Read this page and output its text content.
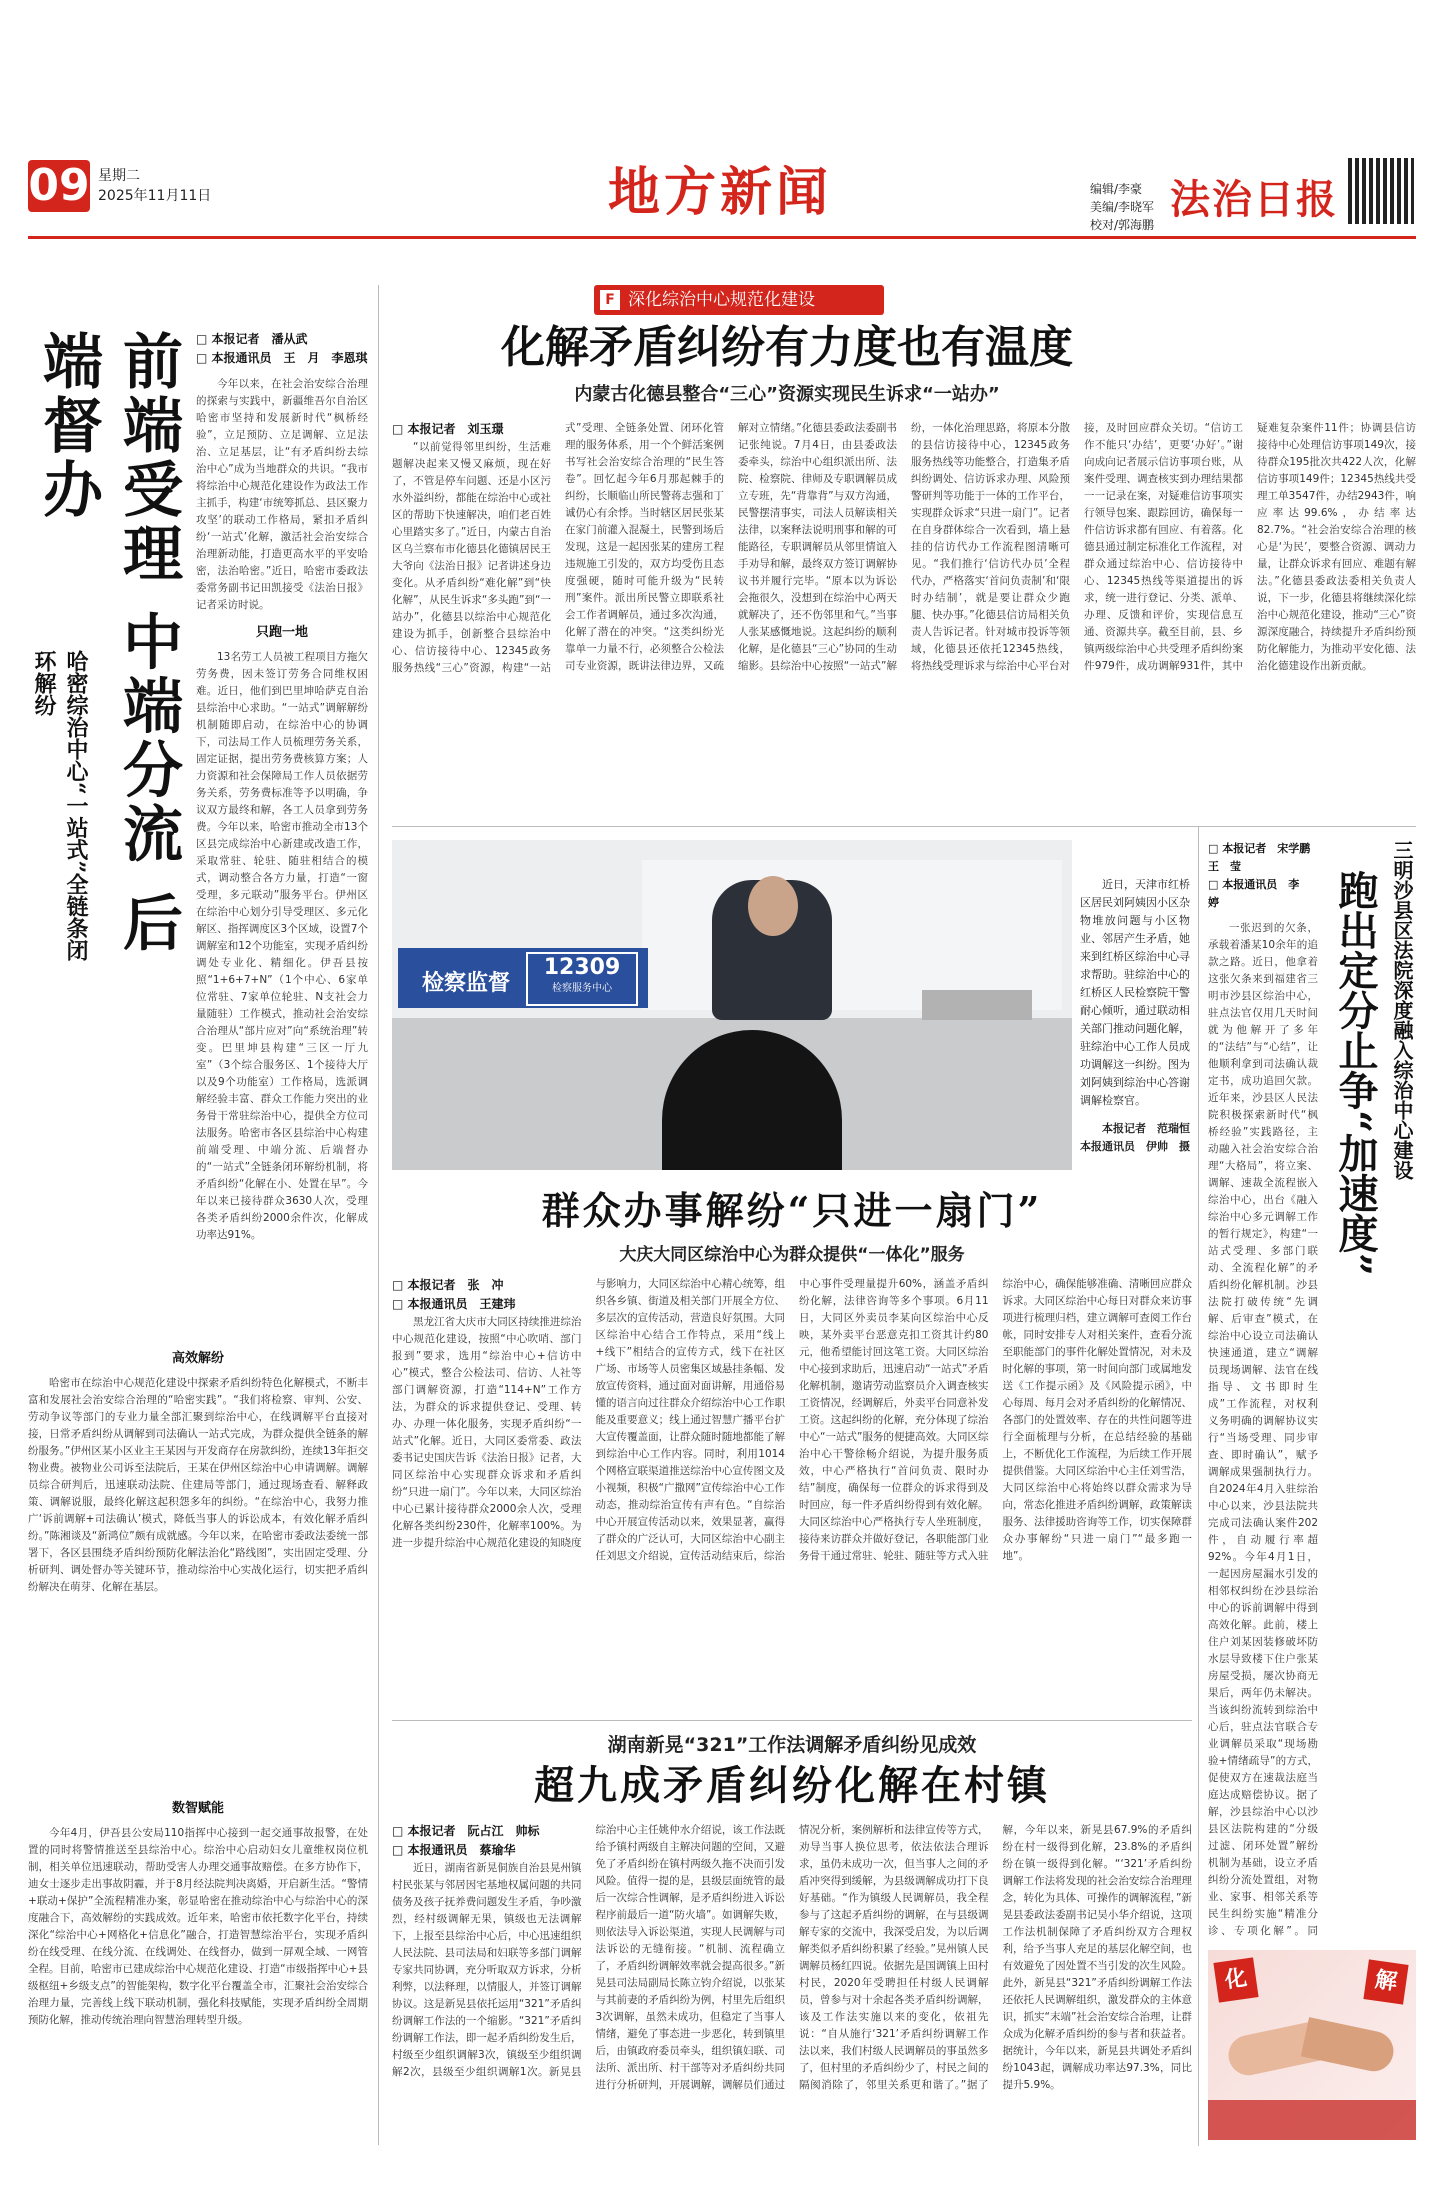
09 星期二
2025年11月11日	地方新闻	编辑/李豪
美编/李晓军
校对/郭海鹏
法治日报
F 深化综治中心规范化建设
前端受理 中端分流 后端督办
哈密综治中心“一站式”全链条闭环解纷
□ 本报记者　潘从武
□ 本报通讯员　王　月　李恩琪

今年以来，在社会治安综合治理的探索与实践中，新疆维吾尔自治区哈密市坚持和发展新时代“枫桥经验”，立足预防、立足调解、立足法治、立足基层，让“有矛盾纠纷去综治中心”成为当地群众的共识。“我市将综治中心规范化建设作为政法工作主抓手，构建‘市统筹抓总、县区聚力攻坚’的联动工作格局，紧扣矛盾纠纷‘一站式’化解，激活社会治安综合治理新动能，打造更高水平的平安哈密，法治哈密。”近日，哈密市委政法委常务副书记田凯接受《法治日报》记者采访时说。

只跑一地

13名劳工人员被工程项目方拖欠劳务费，因未签订劳务合同维权困难。近日，他们到巴里坤哈萨克自治县综治中心求助。“一站式”调解解纷机制随即启动，在综治中心的协调下，司法局工作人员梳理劳务关系，固定证据，提出劳务费核算方案；人力资源和社会保障局工作人员依据劳务关系，劳务费标准等予以明确，争议双方最终和解，各工人员拿到劳务费。今年以来，哈密市推动全市13个区县完成综治中心新建或改造工作，采取常驻、轮驻、随驻相结合的模式，调动整合各方力量，打造“一窗受理，多元联动”服务平台。伊州区在综治中心划分引导受理区、多元化解区、指挥调度区3个区域，设置7个调解室和12个功能室，实现矛盾纠纷调处专业化、精细化。伊吾县按照“1+6+7+N”（1个中心、6家单位常驻、7家单位轮驻、N支社会力量随驻）工作模式，推动社会治安综合治理从“部片应对”向“系统治理”转变。巴里坤县构建“三区一厅九室”（3个综合服务区、1个接待大厅以及9个功能室）工作格局，选派调解经验丰富、群众工作能力突出的业务骨干常驻综治中心，提供全方位司法服务。哈密市各区县综治中心构建前端受理、中端分流、后端督办的“一站式”全链条闭环解纷机制，将矛盾纠纷“化解在小、处置在早”。今年以来已接待群众3630人次，受理各类矛盾纠纷2000余件次，化解成功率达91%。

高效解纷

哈密市在综治中心规范化建设中探索矛盾纠纷特色化解模式，不断丰富和发展社会治安综合治理的“哈密实践”。“我们将检察、审判、公安、劳动争议等部门的专业力量全部汇聚到综治中心，在线调解平台直接对接，日常矛盾纠纷从调解到司法确认一站式完成，为群众提供全链条的解纷服务。”伊州区某小区业主王某因与开发商存在房款纠纷，连续13年拒交物业费。被物业公司诉至法院后，王某在伊州区综治中心申请调解。调解员综合研判后，迅速联动法院、住建局等部门，通过现场查看、解释政策、调解说服，最终化解这起积怨多年的纠纷。“在综治中心，我努力推广‘诉前调解+司法确认’模式，降低当事人的诉讼成本，有效化解矛盾纠纷。”陈湘谈及“新鸿位”颇有成就感。今年以来，在哈密市委政法委统一部署下，各区县围绕矛盾纠纷预防化解法治化“路线图”，实出固定受理、分析研判、调处督办等关键环节，推动综治中心实战化运行，切实把矛盾纠纷解决在萌芽、化解在基层。

数智赋能

今年4月，伊吾县公安局110指挥中心接到一起交通事故报警，在处置的同时将警情推送至县综治中心。综治中心启动妇女儿童维权岗位机制，相关单位迅速联动，帮助受害人办理交通事故赔偿。在多方协作下，迪女士逐步走出事故阴霾，并于8月经法院判决离婚，开启新生活。“警情+联动+保护”全流程精准办案，彰显哈密在推动综治中心与综治中心的深度融合下，高效解纷的实践成效。近年来，哈密市依托数字化平台，持续深化“综治中心+网格化+信息化”融合，打造智慧综治平台，实现矛盾纠纷在线受理、在线分流、在线调处、在线督办，做到一屏观全域、一网管全程。目前，哈密市已建成综治中心规范化建设、打造“市级指挥中心+县级枢纽+乡级支点”的智能架构，数字化平台覆盖全市，汇聚社会治安综合治理力量，完善线上线下联动机制，强化科技赋能，实现矛盾纠纷全周期预防化解，推动传统治理向智慧治理转型升级。

化解矛盾纠纷有力度也有温度
内蒙古化德县整合“三心”资源实现民生诉求“一站办”
□ 本报记者　刘玉璟

“以前觉得邻里纠纷，生活难题解决起来又慢又麻烦，现在好了，不管是停车问题、还是小区污水外溢纠纷，都能在综治中心或社区的帮助下快速解决，咱们老百姓心里踏实多了。”近日，内蒙古自治区乌兰察布市化德县化德镇居民王大爷向《法治日报》记者讲述身边变化。从矛盾纠纷“难化解”到“快化解”，从民生诉求“多头跑”到“一站办”，化德县以综治中心规范化建设为抓手，创新整合县综治中心、信访接待中心、12345政务服务热线“三心”资源，构建“一站式”受理、全链条处置、闭环化管理的服务体系，用一个个鲜活案例书写社会治安综合治理的“民生答卷”。回忆起今年6月那起棘手的纠纷，长顺临山所民警蒋志强和丁诚仍心有余悸。当时辖区居民张某在家门前灌入混凝土，民警到场后发现，这是一起因张某的建房工程违规施工引发的，双方均受伤且态度强硬，随时可能升级为“民转刑”案件。派出所民警立即联系社会工作者调解员，通过多次沟通，化解了潜在的冲突。“这类纠纷光靠单一力量不行，必须整合公检法司专业资源，既讲法律边界，又疏解对立情绪。”化德县委政法委副书记张纯说。7月4日，由县委政法委牵头，综治中心组织派出所、法院、检察院、律师及专职调解员成立专班，先“背靠背”与双方沟通，民警摆清事实，司法人员解读相关法律，以案释法说明刑事和解的可能路径，专职调解员从邻里情谊入手劝导和解，最终双方签订调解协议书并履行完毕。“原本以为诉讼会拖很久，没想到在综治中心两天就解决了，还不伤邻里和气。”当事人张某感慨地说。这起纠纷的顺利化解，是化德县“三心”协同的生动缩影。县综治中心按照“一站式”解纷，一体化治理思路，将原本分散的县信访接待中心，12345政务服务热线等功能整合，打造集矛盾纠纷调处、信访诉求办理、风险预警研判等功能于一体的工作平台，实现群众诉求“只进一扇门”。记者在自身群体综合一次看到，墙上悬挂的信访代办工作流程图清晰可见。“我们推行‘信访代办员’全程代办，严格落实‘首问负责制’和‘限时办结制’，就是要让群众少跑腿、快办事。”化德县信访局相关负责人告诉记者。针对城市投诉等领域，化德县还依托12345热线，将热线受理诉求与综治中心平台对接，及时回应群众关切。“信访工作不能只‘办结’，更要‘办好’。”谢向成向记者展示信访事项台账，从案件受理、调查核实到办理结果都一一记录在案，对疑难信访事项实行领导包案、跟踪回访，确保每一件信访诉求都有回应、有着落。化德县通过制定标准化工作流程，对群众通过综治中心、信访接待中心、12345热线等渠道提出的诉求，统一进行登记、分类、派单、办理、反馈和评价，实现信息互通、资源共享。截至目前，县、乡镇两级综治中心共受理矛盾纠纷案件979件，成功调解931件，其中疑难复杂案件11件；协调县信访接待中心处理信访事项149次，接待群众195批次共422人次，化解信访事项149件；12345热线共受理工单3547件，办结2943件，响应率达99.6%，办结率达82.7%。“社会治安综合治理的核心是‘为民’，要整合资源、调动力量，让群众诉求有回应、难题有解法。”化德县委政法委相关负责人说，下一步，化德县将继续深化综治中心规范化建设，推动“三心”资源深度融合，持续提升矛盾纠纷预防化解能力，为推动平安化德、法治化德建设作出新贡献。

检察监督
12309
检察服务中心
近日，天津市红桥区居民刘阿姨因小区杂物堆放问题与小区物业、邻居产生矛盾，她来到红桥区综治中心寻求帮助。驻综治中心的红桥区人民检察院干警耐心倾听，通过联动相关部门推动问题化解，驻综治中心工作人员成功调解这一纠纷。图为刘阿姨到综治中心答谢调解检察官。
本报记者　范瑞恒
本报通讯员　伊帅　摄
群众办事解纷“只进一扇门”
大庆大同区综治中心为群众提供“一体化”服务
□ 本报记者　张　冲
□ 本报通讯员　王建玮

黑龙江省大庆市大同区持续推进综治中心规范化建设，按照“中心吹哨、部门报到”要求，选用“综治中心+信访中心”模式，整合公检法司、信访、人社等部门调解资源，打造“114+N”工作方法，为群众的诉求提供登记、受理、转办、办理一体化服务，实现矛盾纠纷“一站式”化解。近日，大同区委常委、政法委书记史国庆告诉《法治日报》记者，大同区综治中心实现群众诉求和矛盾纠纷“只进一扇门”。今年以来，大同区综治中心已累计接待群众2000余人次，受理化解各类纠纷230件，化解率100%。为进一步提升综治中心规范化建设的知晓度与影响力，大同区综治中心精心统筹，组织各乡镇、街道及相关部门开展全方位、多层次的宣传活动，营造良好氛围。大同区综治中心结合工作特点，采用“线上+线下”相结合的宣传方式，线下在社区广场、市场等人员密集区域悬挂条幅、发放宣传资料，通过面对面讲解，用通俗易懂的语言向过往群众介绍综治中心工作职能及重要意义；线上通过智慧广播平台扩大宣传覆盖面，让群众随时随地都能了解到综治中心工作内容。同时，利用1014个网格宣联渠道推送综治中心宣传图文及小视频，积极“广撒网”宣传综治中心工作动态，推动综治宣传有声有色。“自综治中心开展宣传活动以来，效果显著，赢得了群众的广泛认可，大同区综治中心副主任刘思文介绍说，宣传活动结束后，综治中心事件受理量提升60%，涵盖矛盾纠纷化解，法律咨询等多个事项。6月11日，大同区外卖员李某向区综治中心反映，某外卖平台恶意克扣工资其计约80元，他希望能讨回这笔工资。大同区综治中心接到求助后，迅速启动“一站式”矛盾化解机制，邀请劳动监察员介入调查核实工资情况，经调解后，外卖平台同意补发工资。这起纠纷的化解，充分体现了综治中心“一站式”服务的便捷高效。大同区综治中心干警徐畅介绍说，为提升服务质效，中心严格执行“首问负责、限时办结”制度，确保每一位群众的诉求得到及时回应，每一件矛盾纠纷得到有效化解。大同区综治中心严格执行专人坐班制度，接待来访群众并做好登记，各职能部门业务骨干通过常驻、轮驻、随驻等方式入驻综治中心，确保能够准确、清晰回应群众诉求。大同区综治中心每日对群众来访事项进行梳理归档，建立调解可查阅工作台帐，同时安排专人对相关案件，查看分流至职能部门的事件化解处置情况，对未及时化解的事项，第一时间向部门或属地发送《工作提示函》及《风险提示函》，中心每周、每月会对矛盾纠纷的化解情况、各部门的处置效率、存在的共性问题等进行全面梳理与分析，在总结经验的基础上，不断优化工作流程，为后续工作开展提供借鉴。大同区综治中心主任刘雪浩，大同区综治中心将始终以群众需求为导向，常态化推进矛盾纠纷调解，政策解读服务、法律援助咨询等工作，切实保障群众办事解纷“只进一扇门”“最多跑一地”。

湖南新晃“321”工作法调解矛盾纠纷见成效
超九成矛盾纠纷化解在村镇
□ 本报记者　阮占江　帅标
□ 本报通讯员　蔡瑜华

近日，湖南省新晃侗族自治县晃州镇村民张某与邻居因宅基地权属问题的共同债务及孩子抚养费问题发生矛盾，争吵激烈，经村级调解无果，镇级也无法调解下，上报至县综治中心后，中心迅速组织人民法院、县司法局和妇联等多部门调解专家共同协调，充分听取双方诉求，分析利弊，以法释理，以情服人，并签订调解协议。这是新晃县依托运用“321”矛盾纠纷调解工作法的一个缩影。“321”矛盾纠纷调解工作法，即一起矛盾纠纷发生后，村级至少组织调解3次，镇级至少组织调解2次，县级至少组织调解1次。新晃县综治中心主任姚仲水介绍说，该工作法既给予镇村两级自主解决问题的空间，又避免了矛盾纠纷在镇村两级久拖不决而引发风险。值得一提的是，县级层面统管的最后一次综合性调解，是矛盾纠纷进入诉讼程序前最后一道“防火墙”。如调解失败，则依法导入诉讼渠道，实现人民调解与司法诉讼的无缝衔接。“机制、流程确立了，矛盾纠纷调解效率就会提高很多。”新晃县司法局副局长陈立钧介绍说，以张某与其前妻的矛盾纠纷为例，村里先后组织3次调解，虽然未成功，但稳定了当事人情绪，避免了事态进一步恶化，转到镇里后，由镇政府委员牵头，组织镇妇联、司法所、派出所、村干部等对矛盾纠纷共同进行分析研判，开展调解，调解员们通过情况分析，案例解析和法律宣传等方式，劝导当事人换位思考，依法依法合理诉求，虽仍未成功一次，但当事人之间的矛盾冲突得到缓解，为县级调解成功打下良好基础。“作为镇级人民调解员，我全程参与了这起矛盾纠纷的调解，在与县级调解专家的交流中，我深受启发，为以后调解类似矛盾纠纷积累了经验。”晃州镇人民调解员杨红四说。依据先是国调镇上田村村民，2020年受聘担任村级人民调解员，曾参与对十余起各类矛盾纠纷调解，该及工作法实施以来的变化，依祖先说：“自从施行‘321’矛盾纠纷调解工作法以来，我们村级人民调解员的事虽然多了，但村里的矛盾纠纷少了，村民之间的隔阂消除了，邻里关系更和谐了。”据了解，今年以来，新晃县67.9%的矛盾纠纷在村一级得到化解，23.8%的矛盾纠纷在镇一级得到化解。“‘321’矛盾纠纷调解工作法将发现的社会治安综合治理理念，转化为具体、可操作的调解流程，”新晃县委政法委副书记吴小华介绍说，这项工作法机制保障了矛盾纠纷双方合理权利，给予当事人充足的基层化解空间，也有效避免了因处置不当引发的次生风险。此外，新晃县“321”矛盾纠纷调解工作法还依托人民调解组织，激发群众的主体意识，抓实“末端”社会治安综合治理，让群众成为化解矛盾纠纷的参与者和获益者。据统计，今年以来，新晃县共调处矛盾纠纷1043起，调解成功率达97.3%，同比提升5.9%。

□ 本报记者　宋学鹏　王　莹
□ 本报通讯员　李　婷	三明沙县区法院深度融入综治中心建设
跑出定分止争“加速度”

一张迟到的欠条，承载着潘某10余年的追款之路。近日，他拿着这张欠条来到福建省三明市沙县区综治中心，驻点法官仅用几天时间就为他解开了多年的“法结”与“心结”，让他顺利拿到司法确认裁定书，成功追回欠款。近年来，沙县区人民法院积极探索新时代“枫桥经验”实践路径，主动融入社会治安综合治理“大格局”，将立案、调解、速裁全流程嵌入综治中心，出台《融入综治中心多元调解工作的暂行规定》，构建“一站式受理、多部门联动、全流程化解”的矛盾纠纷化解机制。沙县法院打破传统“先调解、后审查”模式，在综治中心设立司法确认快速通道，建立“调解员现场调解、法官在线指导、文书即时生成”工作流程，对权利义务明确的调解协议实行“当场受理、同步审查、即时确认”，赋予调解成果强制执行力。自2024年4月入驻综治中心以来，沙县法院共完成司法确认案件202件，自动履行率超92%。今年4月1日，一起因房屋漏水引发的相邻权纠纷在沙县综治中心的诉前调解中得到高效化解。此前，楼上住户刘某因装修破坏防水层导致楼下住户张某房屋受损，屡次协商无果后，两年仍未解决。当该纠纷流转到综治中心后，驻点法官联合专业调解员采取“现场勘验+情绪疏导”的方式，促使双方在速裁法庭当庭达成赔偿协议。据了解，沙县综治中心以沙县区法院构建的“分级过滤、闭环处置”解纷机制为基础，设立矛盾纠纷分流处置组，对物业、家事、相邻关系等民生纠纷实施“精准分诊、专项化解”。同

化	解
